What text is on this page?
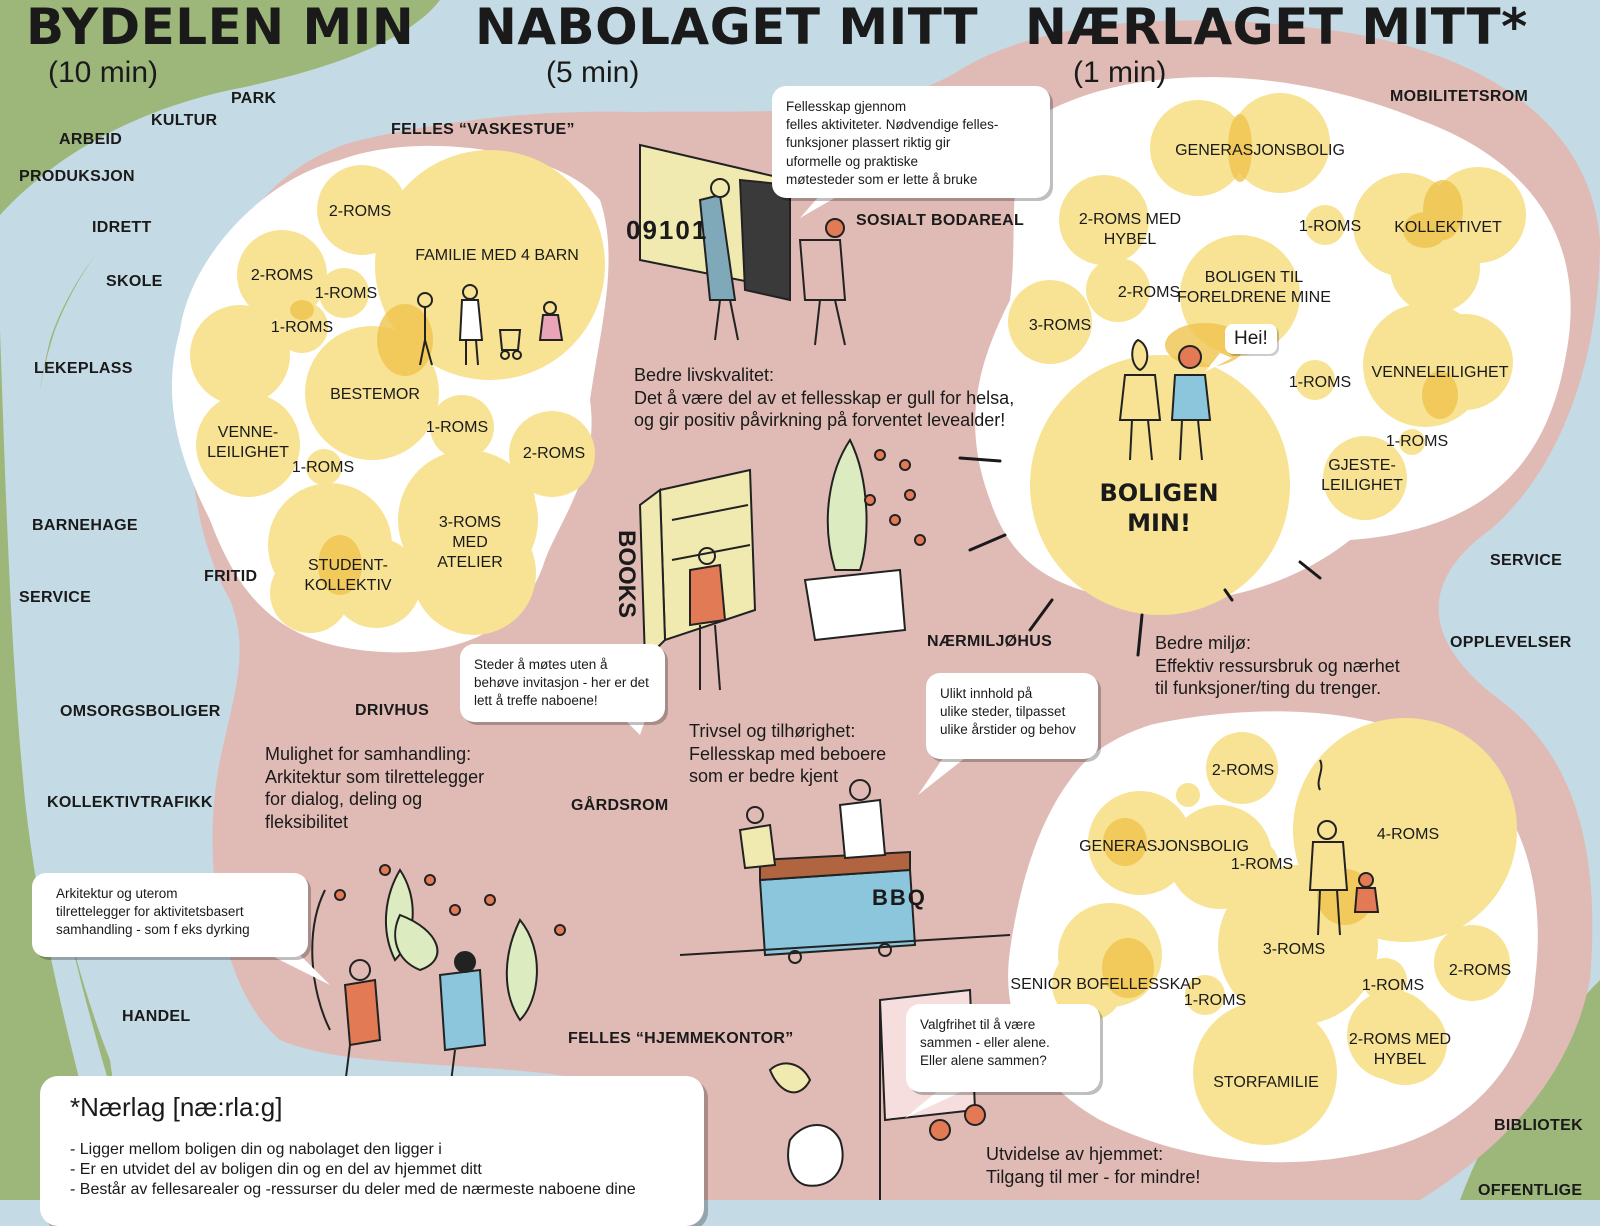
BYDELEN MIN
(10 min)
NABOLAGET MITT
(5 min)
NÆRLAGET MITT*
(1 min)
PARK
KULTUR
ARBEID
PRODUKSJON
IDRETT
SKOLE
LEKEPLASS
BARNEHAGE
SERVICE
OMSORGSBOLIGER
KOLLEKTIVTRAFIKK
HANDEL
MOBILITETSROM
SERVICE
OPPLEVELSER
BIBLIOTEK
OFFENTLIGE
FELLES “VASKESTUE”
SOSIALT BODAREAL
FRITID
DRIVHUS
NÆRMILJØHUS
GÅRDSROM
FELLES “HJEMMEKONTOR”
2-ROMS
FAMILIE MED 4 BARN
2-ROMS
1-ROMS
1-ROMS
BESTEMOR
VENNE-
LEILIGHET
1-ROMS
1-ROMS
2-ROMS
3-ROMS
MED
ATELIER
STUDENT-
KOLLEKTIV
GENERASJONSBOLIG
2-ROMS MED
HYBEL
1-ROMS KOLLEKTIVET
BOLIGEN TIL
FORELDRENE MINE
2-ROMS
3-ROMS
Hei!
1-ROMS
VENNELEILIGHET
1-ROMS
GJESTE-
LEILIGHET
BOLIGEN
MIN!
2-ROMS
4-ROMS
GENERASJONSBOLIG
1-ROMS
3-ROMS
SENIOR BOFELLESSKAP
1-ROMS
1-ROMS
2-ROMS
2-ROMS MED
HYBEL
STORFAMILIE
Bedre livskvalitet:
Det å være del av et fellesskap er gull for helsa,
og gir positiv påvirkning på forventet levealder!
Bedre miljø:
Effektiv ressursbruk og nærhet
til funksjoner/ting du trenger.
Mulighet for samhandling:
Arkitektur som tilrettelegger
for dialog, deling og
fleksibilitet
Trivsel og tilhørighet:
Fellesskap med beboere
som er bedre kjent
Utvidelse av hjemmet:
Tilgang til mer - for mindre!
Fellesskap gjennom
felles aktiviteter. Nødvendige felles-
funksjoner plassert riktig gir
uformelle og praktiske
møtesteder som er lette å bruke
Steder å møtes uten å
behøve invitasjon - her er det
lett å treffe naboene!	Ulikt innhold på
ulike steder, tilpasset
ulike årstider og behov
Arkitektur og uterom
tilrettelegger for aktivitetsbasert
samhandling - som f eks dyrking
Valgfrihet til å være
sammen - eller alene.
Eller alene sammen?
09101
BOOKS
BBQ
*Nærlag [næ:rla:g]
- Ligger mellom boligen din og nabolaget den ligger i
- Er en utvidet del av boligen din og en del av hjemmet ditt
- Består av fellesarealer og -ressurser du deler med de nærmeste naboene dine
